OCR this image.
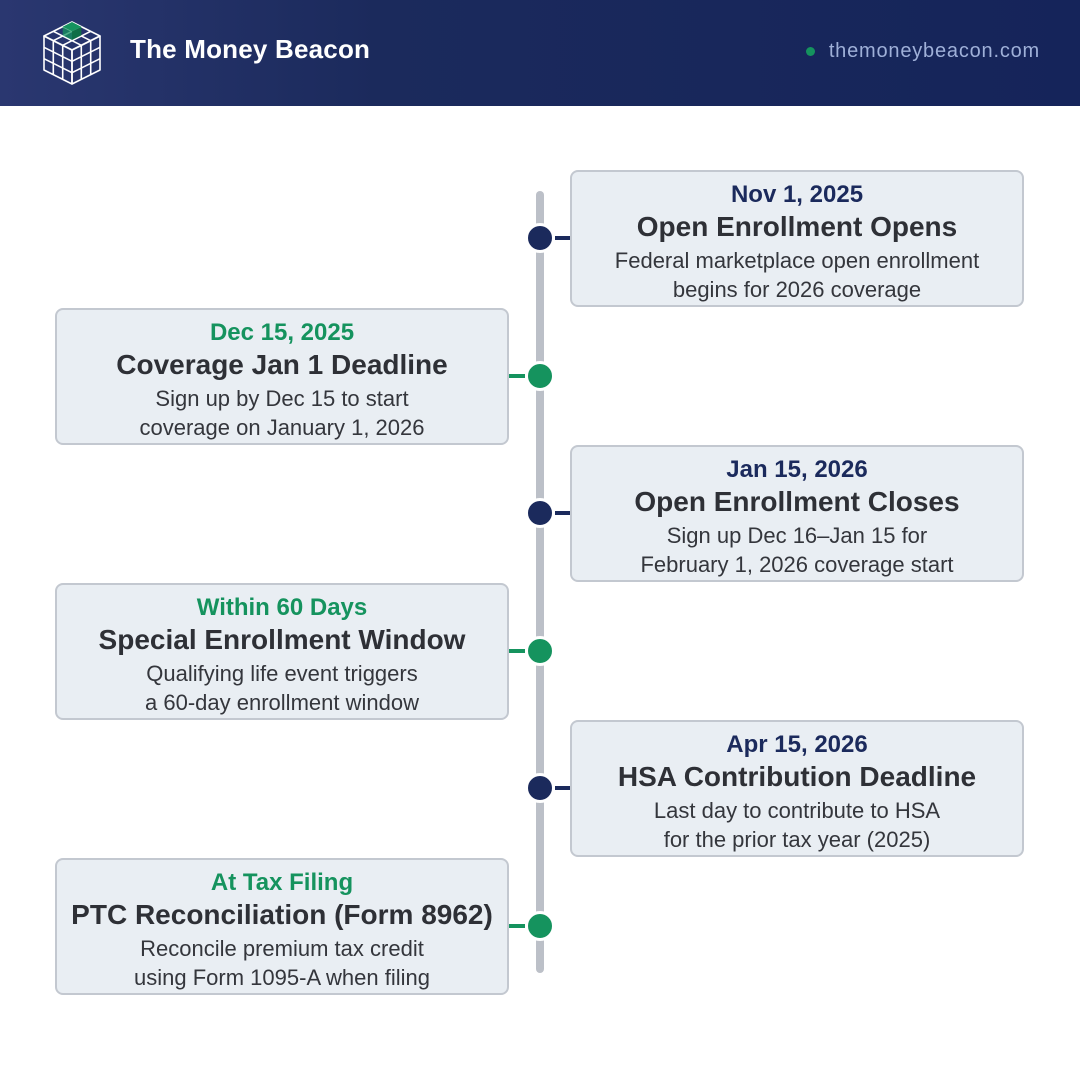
The Money Beacon	themoneybeacon.com
Nov 1, 2025
Open Enrollment Opens
Federal marketplace open enrollment
begins for 2026 coverage
Dec 15, 2025
Coverage Jan 1 Deadline
Sign up by Dec 15 to start
coverage on January 1, 2026
Jan 15, 2026
Open Enrollment Closes
Sign up Dec 16–Jan 15 for
February 1, 2026 coverage start
Within 60 Days
Special Enrollment Window
Qualifying life event triggers
a 60-day enrollment window
Apr 15, 2026
HSA Contribution Deadline
Last day to contribute to HSA
for the prior tax year (2025)
At Tax Filing
PTC Reconciliation (Form 8962)
Reconcile premium tax credit
using Form 1095-A when filing
